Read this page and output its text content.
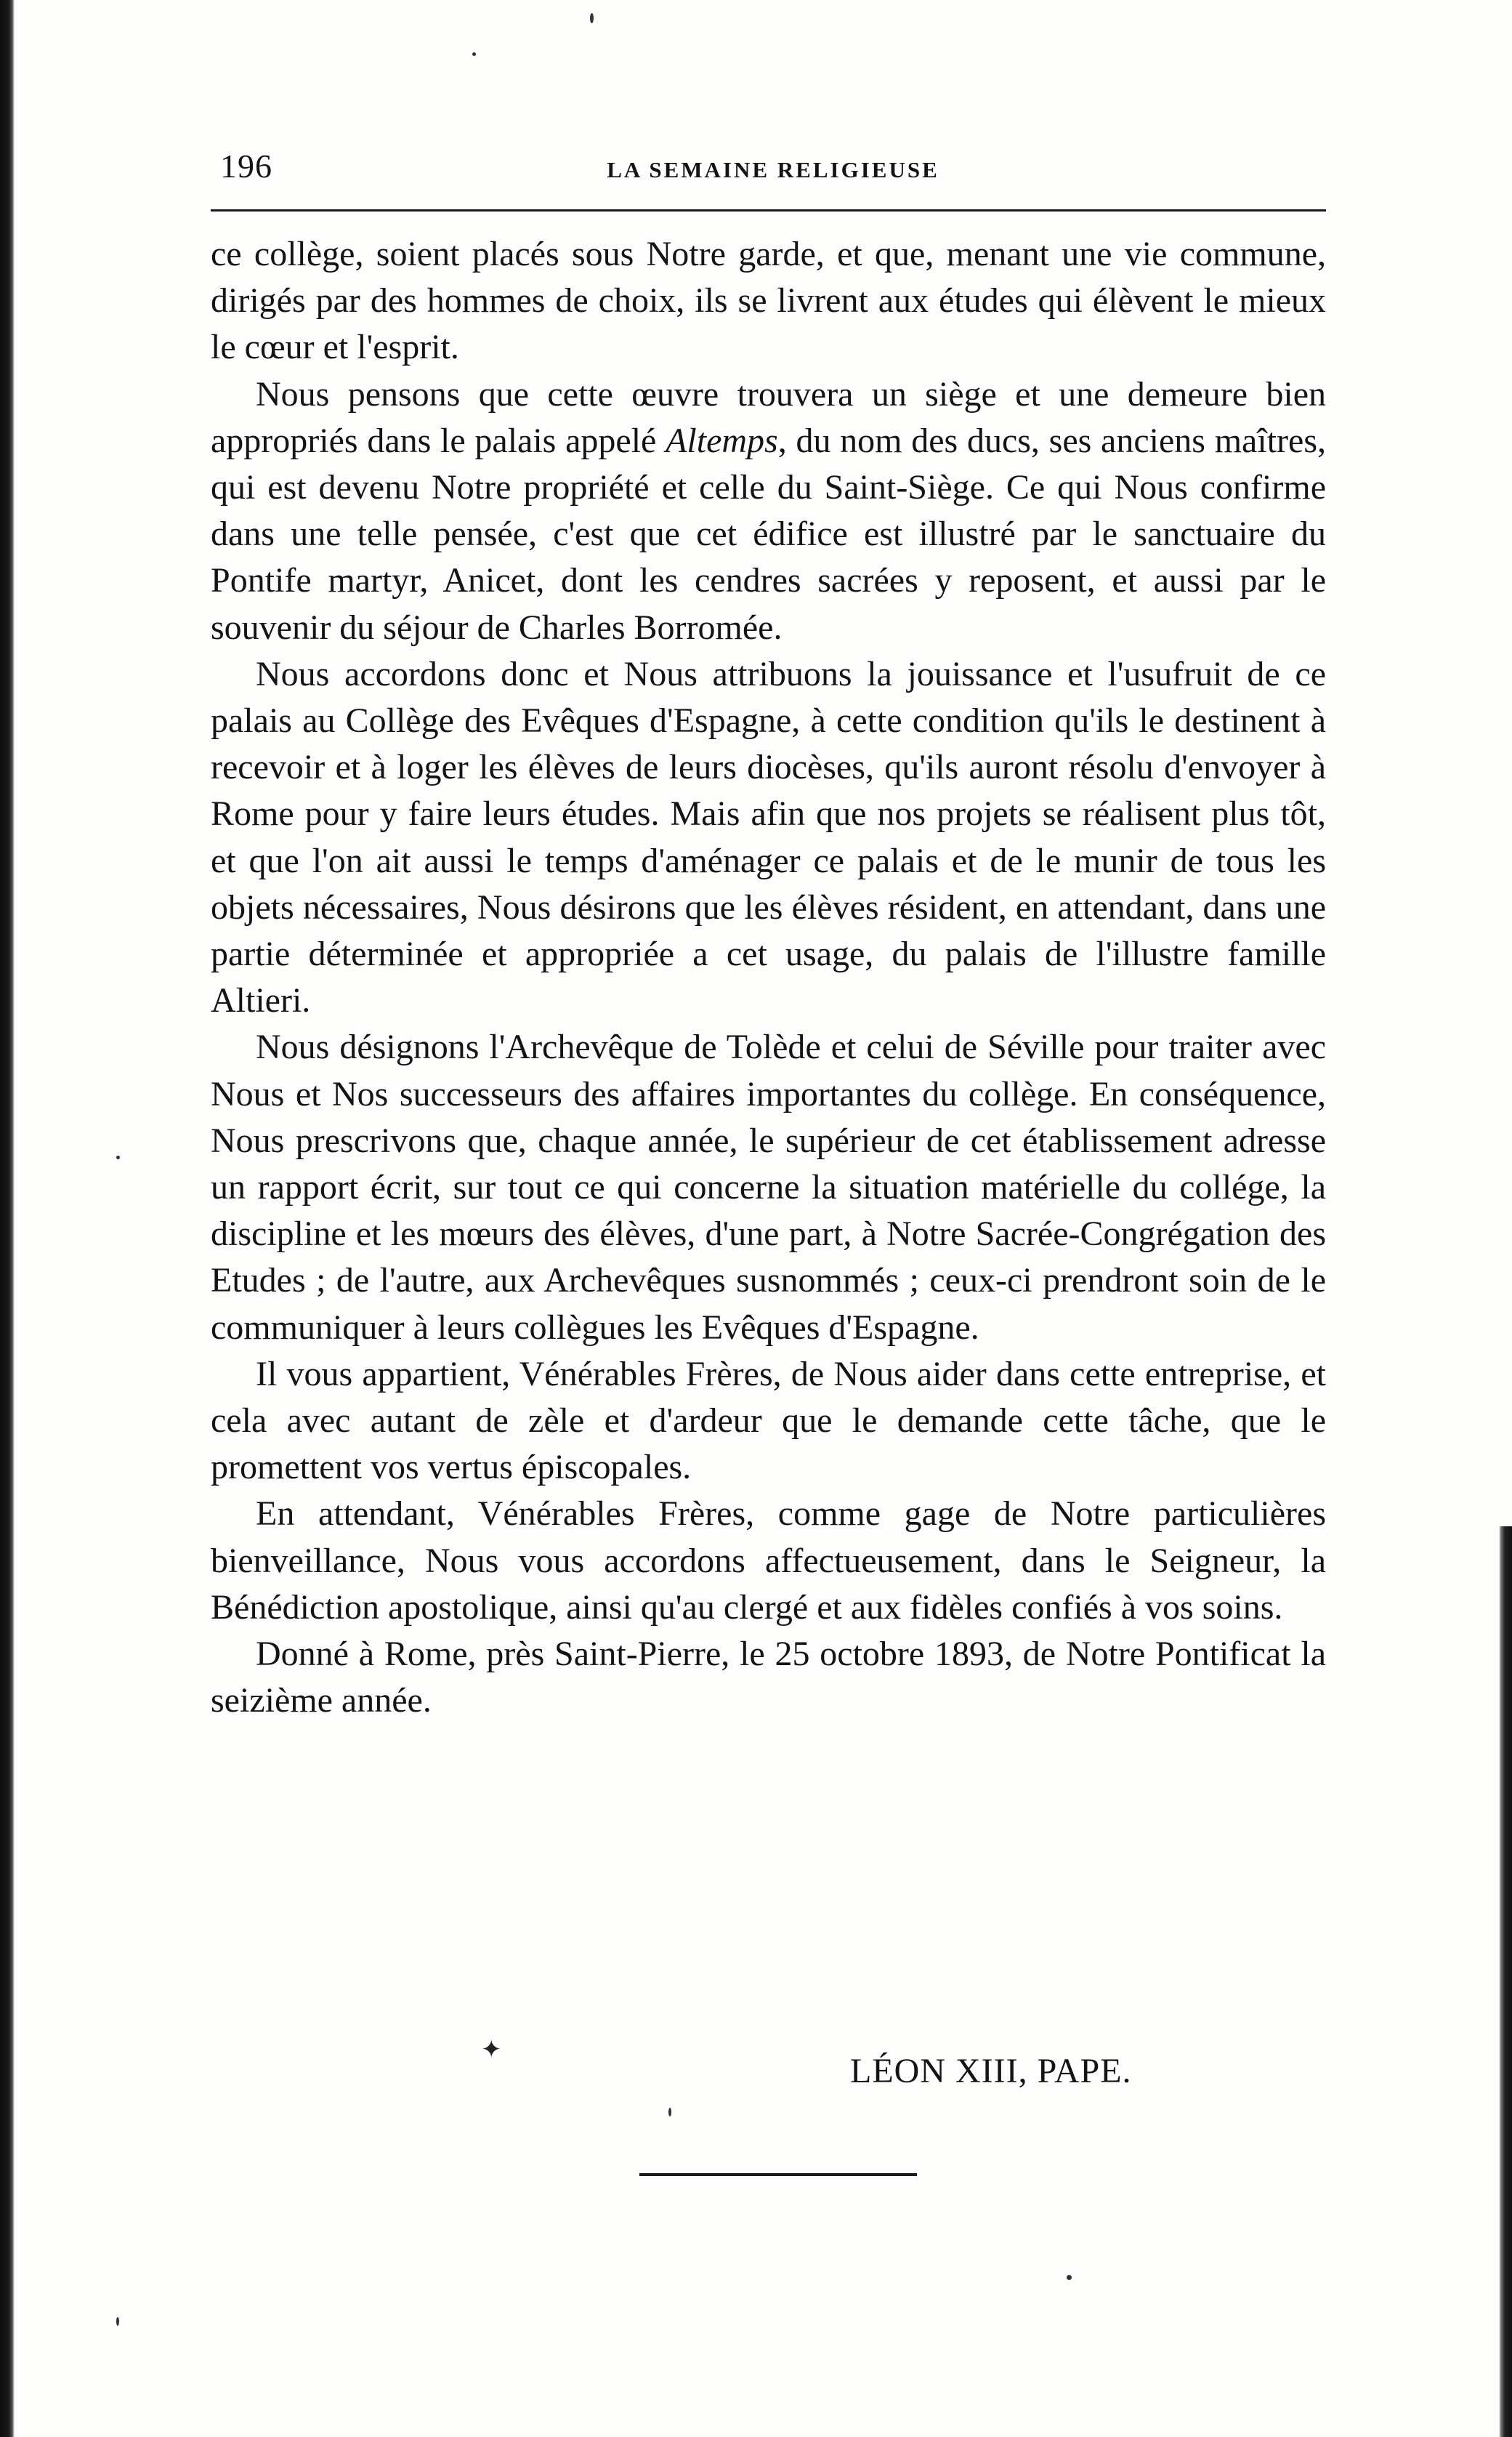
196	LA SEMAINE RELIGIEUSE

ce collège, soient placés sous Notre garde, et que, menant une vie commune, dirigés par des hommes de choix, ils se livrent aux études qui élèvent le mieux le cœur et l'esprit.

Nous pensons que cette œuvre trouvera un siège et une demeure bien appropriés dans le palais appelé Altemps, du nom des ducs, ses anciens maîtres, qui est devenu Notre propriété et celle du Saint-Siège. Ce qui Nous confirme dans une telle pensée, c'est que cet édifice est illustré par le sanctuaire du Pontife martyr, Anicet, dont les cendres sacrées y reposent, et aussi par le souvenir du séjour de Charles Borromée.

Nous accordons donc et Nous attribuons la jouissance et l'usufruit de ce palais au Collège des Evêques d'Espagne, à cette condition qu'ils le destinent à recevoir et à loger les élèves de leurs diocèses, qu'ils auront résolu d'envoyer à Rome pour y faire leurs études. Mais afin que nos projets se réalisent plus tôt, et que l'on ait aussi le temps d'aménager ce palais et de le munir de tous les objets nécessaires, Nous désirons que les élèves résident, en attendant, dans une partie déterminée et appropriée a cet usage, du palais de l'illustre famille Altieri.

Nous désignons l'Archevêque de Tolède et celui de Séville pour traiter avec Nous et Nos successeurs des affaires importantes du collège. En conséquence, Nous prescrivons que, chaque année, le supérieur de cet établissement adresse un rapport écrit, sur tout ce qui concerne la situation matérielle du collége, la discipline et les mœurs des élèves, d'une part, à Notre Sacrée-Congrégation des Etudes ; de l'autre, aux Archevêques susnommés ; ceux-ci prendront soin de le communiquer à leurs collègues les Evêques d'Espagne.

Il vous appartient, Vénérables Frères, de Nous aider dans cette entreprise, et cela avec autant de zèle et d'ardeur que le demande cette tâche, que le promettent vos vertus épiscopales.

En attendant, Vénérables Frères, comme gage de Notre particulières bienveillance, Nous vous accordons affectueusement, dans le Seigneur, la Bénédiction apostolique, ainsi qu'au clergé et aux fidèles confiés à vos soins.

Donné à Rome, près Saint-Pierre, le 25 octobre 1893, de Notre Pontificat la seizième année.

✦
LÉON XIII, PAPE.
